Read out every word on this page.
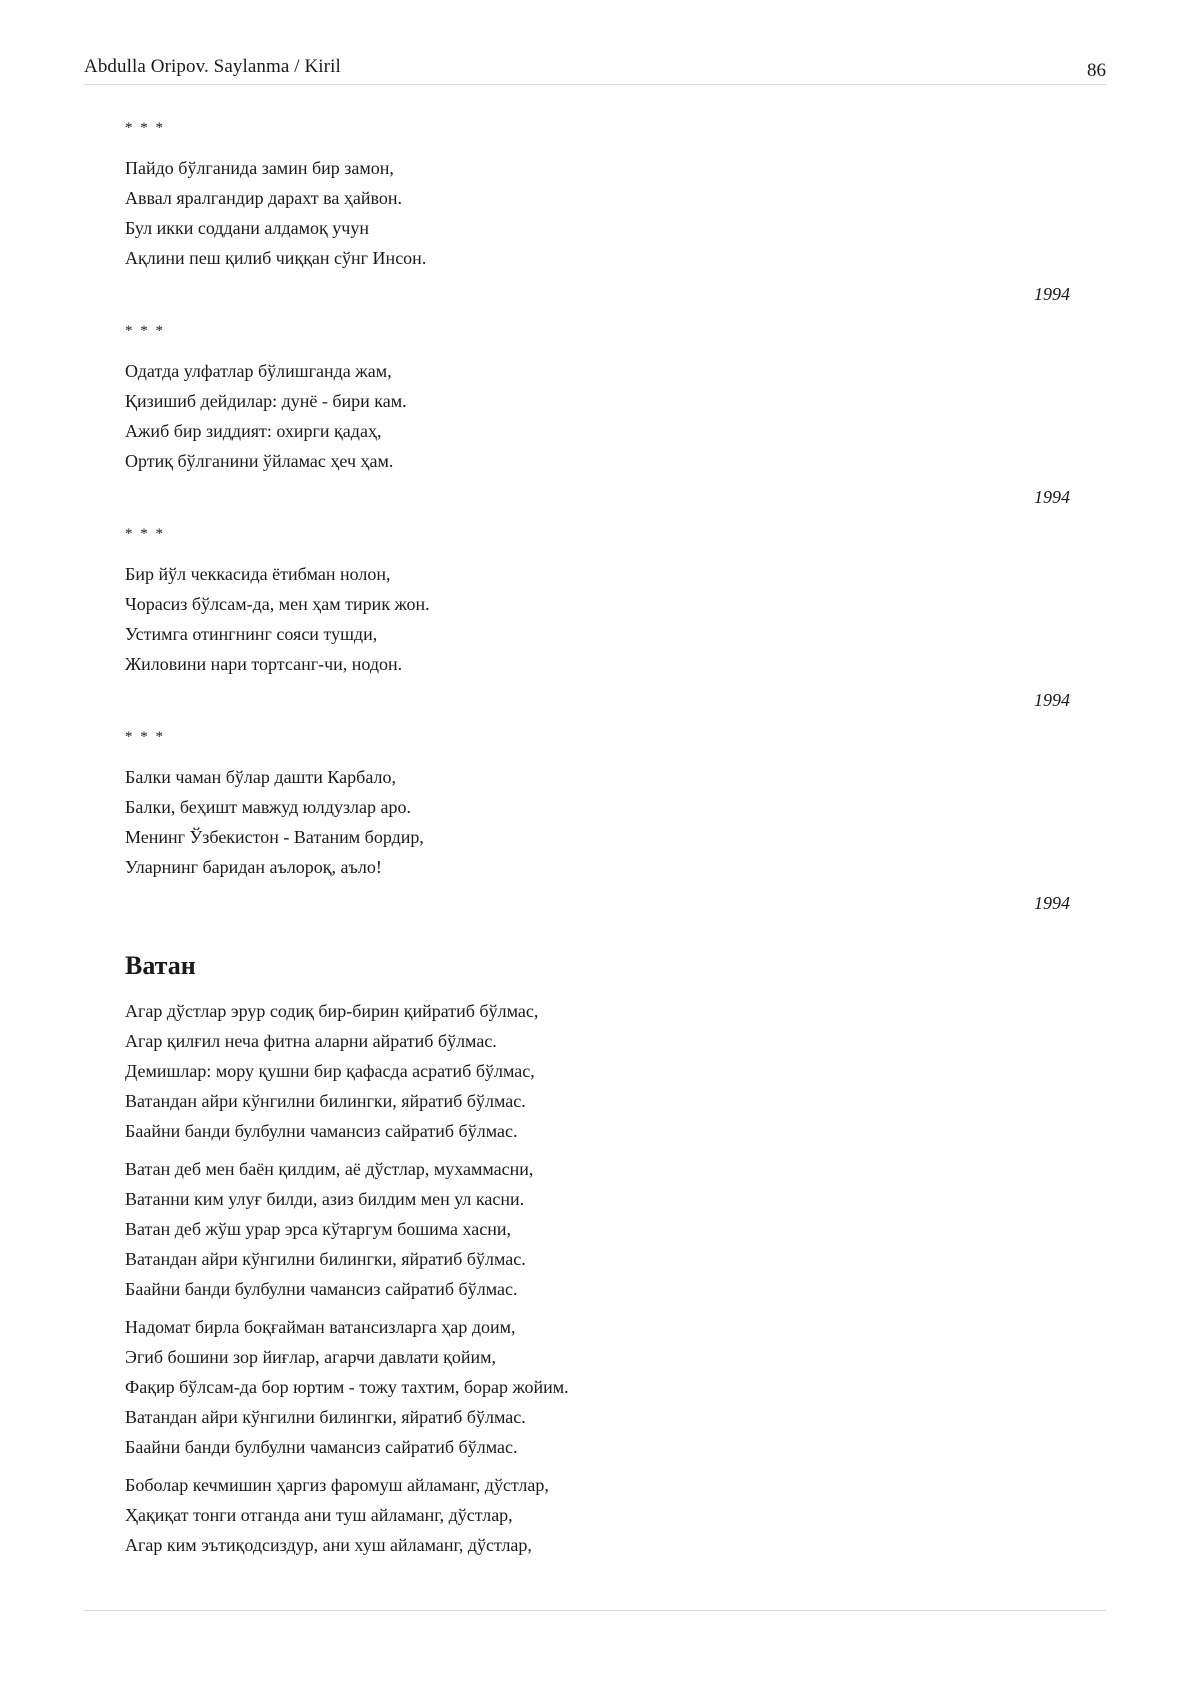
Abdulla Oripov. Saylanma / Kiril	86
* * *
Пайдо бўлганида замин бир замон,
Аввал яралгандир дарахт ва ҳайвон.
Бул икки соддани алдамоқ учун
Ақлини пеш қилиб чиққан сўнг Инсон.
1994
* * *
Одатда улфатлар бўлишганда жам,
Қизишиб дейдилар: дунё - бири кам.
Ажиб бир зиддият: охирги қадаҳ,
Ортиқ бўлганини ўйламас ҳеч ҳам.
1994
* * *
Бир йўл чеккасида ётибман нолон,
Чорасиз бўлсам-да, мен ҳам тирик жон.
Устимга отингнинг сояси тушди,
Жиловини нари тортсанг-чи, нодон.
1994
* * *
Балки чаман бўлар дашти Карбало,
Балки, беҳишт мавжуд юлдузлар аро.
Менинг Ўзбекистон - Ватаним бордир,
Уларнинг баридан аълороқ, аъло!
1994
Ватан
Агар дўстлар эрур содиқ бир-бирин қийратиб бўлмас,
Агар қилғил неча фитна аларни айратиб бўлмас.
Демишлар: мору қушни бир қафасда асратиб бўлмас,
Ватандан айри кўнгилни билингки, яйратиб бўлмас.
Баайни банди булбулни чамансиз сайратиб бўлмас.
Ватан деб мен баён қилдим, аё дўстлар, мухаммасни,
Ватанни ким улуғ билди, азиз билдим мен ул касни.
Ватан деб жўш урар эрса кўтаргум бошима хасни,
Ватандан айри кўнгилни билингки, яйратиб бўлмас.
Баайни банди булбулни чамансиз сайратиб бўлмас.
Надомат бирла боқғайман ватансизларга ҳар доим,
Эгиб бошини зор йиғлар, агарчи давлати қойим,
Фақир бўлсам-да бор юртим - тожу тахтим, борар жойим.
Ватандан айри кўнгилни билингки, яйратиб бўлмас.
Баайни банди булбулни чамансиз сайратиб бўлмас.
Боболар кечмишин ҳаргиз фаромуш айламанг, дўстлар,
Ҳақиқат тонги отганда ани туш айламанг, дўстлар,
Агар ким эътиқодсиздур, ани хуш айламанг, дўстлар,
